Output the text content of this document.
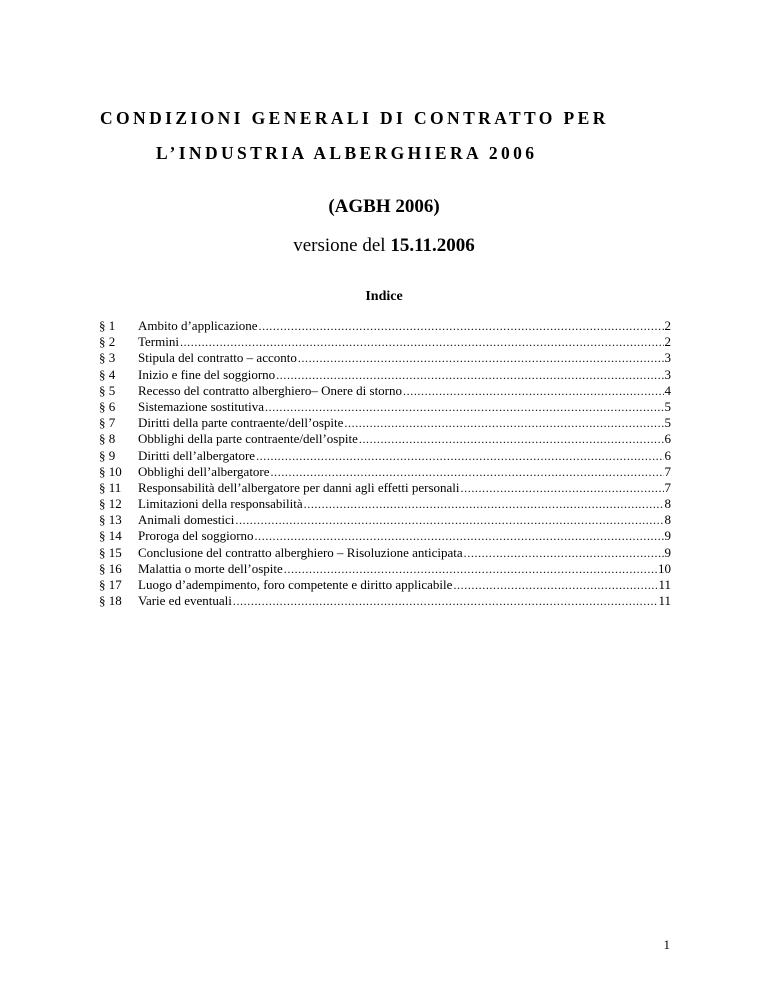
CONDIZIONI GENERALI DI CONTRATTO PER
L’INDUSTRIA ALBERGHIERA 2006
(AGBH 2006)
versione del 15.11.2006
Indice
§ 1	Ambito d’applicazione .....	2
§ 2	Termini .....	2
§ 3	Stipula del contratto – acconto .....	3
§ 4	Inizio e fine del soggiorno .....	3
§ 5	Recesso del contratto alberghiero– Onere di storno .....	4
§ 6	Sistemazione sostitutiva .....	5
§ 7	Diritti della parte contraente/dell’ospite .....	5
§ 8	Obblighi della parte contraente/dell’ospite .....	6
§ 9	Diritti dell’albergatore .....	6
§ 10	Obblighi dell’albergatore .....	7
§ 11	Responsabilità dell’albergatore per danni agli effetti personali .....	7
§ 12	Limitazioni della responsabilità .....	8
§ 13	Animali domestici .....	8
§ 14	Proroga del soggiorno .....	9
§ 15	Conclusione del contratto alberghiero – Risoluzione anticipata .....	9
§ 16	Malattia o morte dell’ospite .....	10
§ 17	Luogo d’adempimento, foro competente e diritto applicabile .....	11
§ 18	Varie ed eventuali .....	11
1
